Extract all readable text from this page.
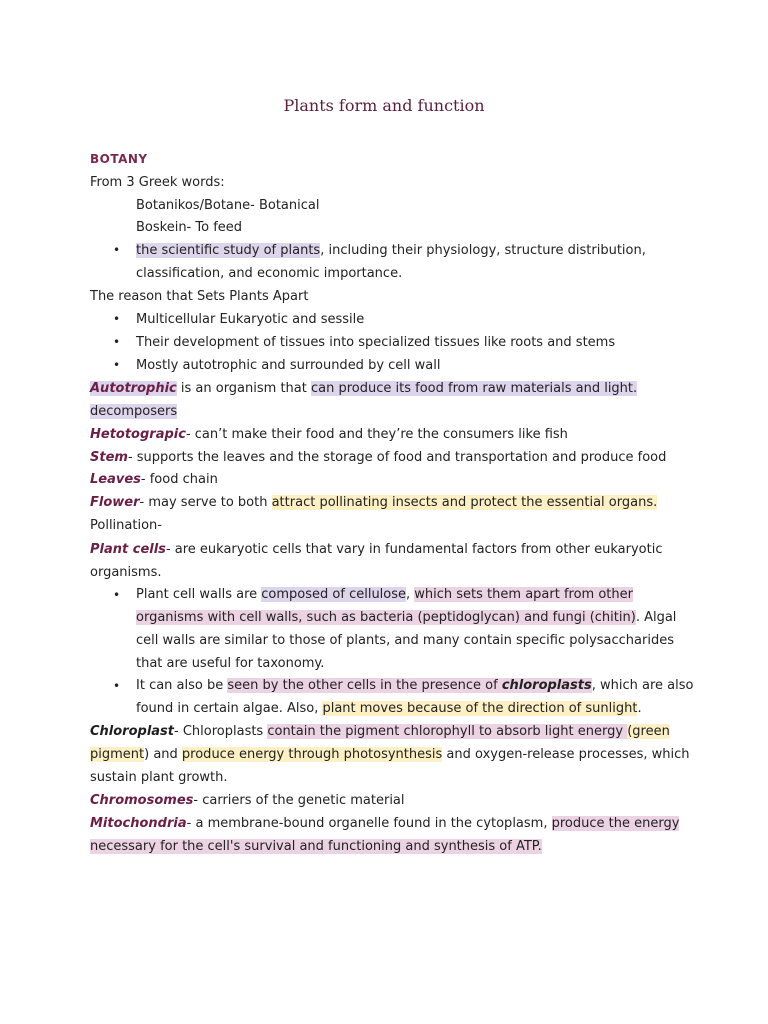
Plants form and function
BOTANY
From 3 Greek words:
Botanikos/Botane- Botanical
Boskein- To feed
• the scientific study of plants, including their physiology, structure distribution,
classification, and economic importance.
The reason that Sets Plants Apart
• Multicellular Eukaryotic and sessile
• Their development of tissues into specialized tissues like roots and stems
• Mostly autotrophic and surrounded by cell wall
Autotrophic is an organism that can produce its food from raw materials and light.
decomposers
Hetotograpic- can’t make their food and they’re the consumers like fish
Stem- supports the leaves and the storage of food and transportation and produce food
Leaves- food chain
Flower- may serve to both attract pollinating insects and protect the essential organs.
Pollination-
Plant cells- are eukaryotic cells that vary in fundamental factors from other eukaryotic
organisms.
• Plant cell walls are composed of cellulose, which sets them apart from other
organisms with cell walls, such as bacteria (peptidoglycan) and fungi (chitin). Algal
cell walls are similar to those of plants, and many contain specific polysaccharides
that are useful for taxonomy.
• It can also be seen by the other cells in the presence of chloroplasts, which are also
found in certain algae. Also, plant moves because of the direction of sunlight.
Chloroplast- Chloroplasts contain the pigment chlorophyll to absorb light energy (green
pigment) and produce energy through photosynthesis and oxygen-release processes, which
sustain plant growth.
Chromosomes- carriers of the genetic material
Mitochondria- a membrane-bound organelle found in the cytoplasm, produce the energy
necessary for the cell's survival and functioning and synthesis of ATP.
